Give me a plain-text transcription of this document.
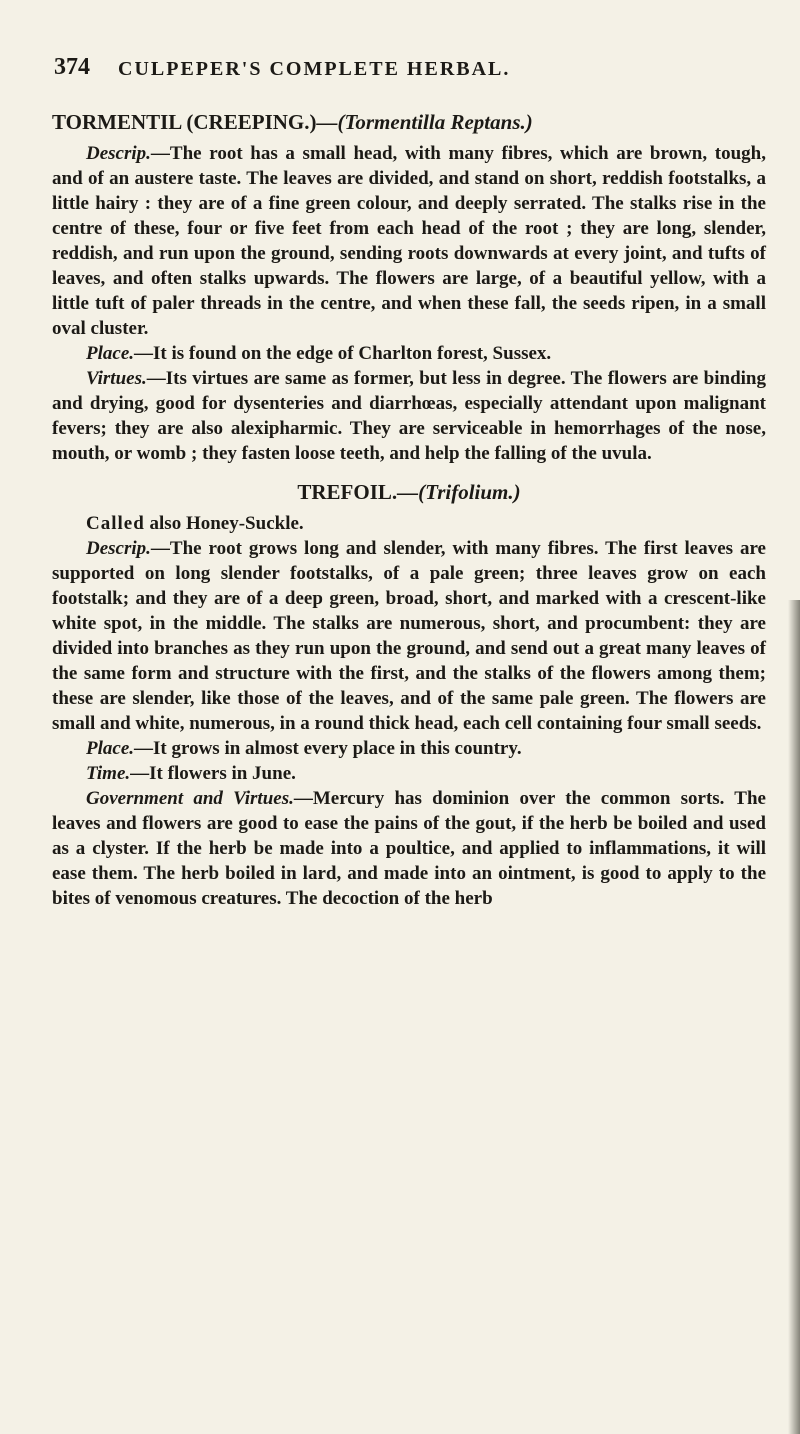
374 CULPEPER'S COMPLETE HERBAL.
TORMENTIL (CREEPING.)—(Tormentilla Reptans.)

Descrip.—The root has a small head, with many fibres, which are brown, tough, and of an austere taste. The leaves are divided, and stand on short, reddish footstalks, a little hairy : they are of a fine green colour, and deeply serrated. The stalks rise in the centre of these, four or five feet from each head of the root ; they are long, slender, reddish, and run upon the ground, sending roots downwards at every joint, and tufts of leaves, and often stalks upwards. The flowers are large, of a beautiful yellow, with a little tuft of paler threads in the centre, and when these fall, the seeds ripen, in a small oval cluster.

Place.—It is found on the edge of Charlton forest, Sussex.

Virtues.—Its virtues are same as former, but less in degree. The flowers are binding and drying, good for dysenteries and diarrhœas, especially attendant upon malignant fevers; they are also alexipharmic. They are serviceable in hemorrhages of the nose, mouth, or womb ; they fasten loose teeth, and help the falling of the uvula.

TREFOIL.—(Trifolium.)

Called also Honey-Suckle.

Descrip.—The root grows long and slender, with many fibres. The first leaves are supported on long slender footstalks, of a pale green; three leaves grow on each footstalk; and they are of a deep green, broad, short, and marked with a crescent-like white spot, in the middle. The stalks are numerous, short, and procumbent: they are divided into branches as they run upon the ground, and send out a great many leaves of the same form and structure with the first, and the stalks of the flowers among them; these are slender, like those of the leaves, and of the same pale green. The flowers are small and white, numerous, in a round thick head, each cell containing four small seeds.

Place.—It grows in almost every place in this country.

Time.—It flowers in June.

Government and Virtues.—Mercury has dominion over the common sorts. The leaves and flowers are good to ease the pains of the gout, if the herb be boiled and used as a clyster. If the herb be made into a poultice, and applied to inflammations, it will ease them. The herb boiled in lard, and made into an ointment, is good to apply to the bites of venomous creatures. The decoction of the herb
